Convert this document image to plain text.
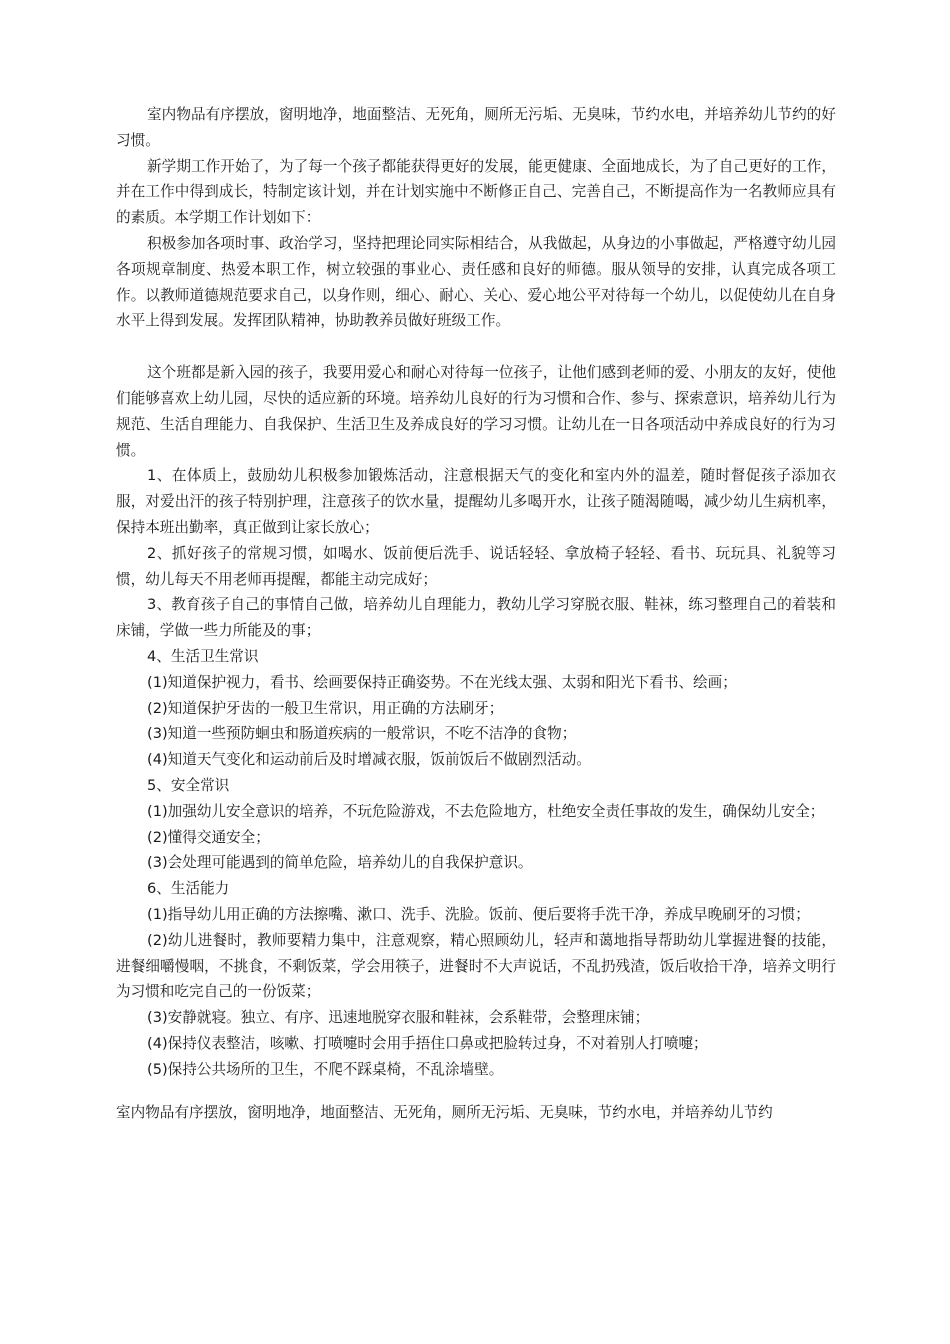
室内物品有序摆放，窗明地净，地面整洁、无死角，厕所无污垢、无臭味，节约水电，并培养幼儿节约的好习惯。

新学期工作开始了，为了每一个孩子都能获得更好的发展，能更健康、全面地成长，为了自己更好的工作，并在工作中得到成长，特制定该计划，并在计划实施中不断修正自己、完善自己，不断提高作为一名教师应具有的素质。本学期工作计划如下：

积极参加各项时事、政治学习，坚持把理论同实际相结合，从我做起，从身边的小事做起，严格遵守幼儿园各项规章制度、热爱本职工作，树立较强的事业心、责任感和良好的师德。服从领导的安排，认真完成各项工作。以教师道德规范要求自己，以身作则，细心、耐心、关心、爱心地公平对待每一个幼儿，以促使幼儿在自身水平上得到发展。发挥团队精神，协助教养员做好班级工作。

这个班都是新入园的孩子，我要用爱心和耐心对待每一位孩子，让他们感到老师的爱、小朋友的友好，使他们能够喜欢上幼儿园，尽快的适应新的环境。培养幼儿良好的行为习惯和合作、参与、探索意识，培养幼儿行为规范、生活自理能力、自我保护、生活卫生及养成良好的学习习惯。让幼儿在一日各项活动中养成良好的行为习惯。

1、在体质上，鼓励幼儿积极参加锻炼活动，注意根据天气的变化和室内外的温差，随时督促孩子添加衣服，对爱出汗的孩子特别护理，注意孩子的饮水量，提醒幼儿多喝开水，让孩子随渴随喝，减少幼儿生病机率，保持本班出勤率，真正做到让家长放心；

2、抓好孩子的常规习惯，如喝水、饭前便后洗手、说话轻轻、拿放椅子轻轻、看书、玩玩具、礼貌等习惯，幼儿每天不用老师再提醒，都能主动完成好；

3、教育孩子自己的事情自己做，培养幼儿自理能力，教幼儿学习穿脱衣服、鞋袜，练习整理自己的着装和床铺，学做一些力所能及的事；

4、生活卫生常识

(1)知道保护视力，看书、绘画要保持正确姿势。不在光线太强、太弱和阳光下看书、绘画；

(2)知道保护牙齿的一般卫生常识，用正确的方法刷牙；

(3)知道一些预防蛔虫和肠道疾病的一般常识，不吃不洁净的食物；

(4)知道天气变化和运动前后及时增减衣服，饭前饭后不做剧烈活动。

5、安全常识

(1)加强幼儿安全意识的培养，不玩危险游戏，不去危险地方，杜绝安全责任事故的发生，确保幼儿安全；

(2)懂得交通安全；

(3)会处理可能遇到的简单危险，培养幼儿的自我保护意识。

6、生活能力

(1)指导幼儿用正确的方法擦嘴、漱口、洗手、洗脸。饭前、便后要将手洗干净，养成早晚刷牙的习惯；

(2)幼儿进餐时，教师要精力集中，注意观察，精心照顾幼儿，轻声和蔼地指导帮助幼儿掌握进餐的技能，进餐细嚼慢咽，不挑食，不剩饭菜，学会用筷子，进餐时不大声说话，不乱扔残渣，饭后收拾干净，培养文明行为习惯和吃完自己的一份饭菜；

(3)安静就寝。独立、有序、迅速地脱穿衣服和鞋袜，会系鞋带，会整理床铺；

(4)保持仪表整洁，咳嗽、打喷嚏时会用手捂住口鼻或把脸转过身，不对着别人打喷嚏；

(5)保持公共场所的卫生，不爬不踩桌椅，不乱涂墙壁。

室内物品有序摆放，窗明地净，地面整洁、无死角，厕所无污垢、无臭味，节约水电，并培养幼儿节约
